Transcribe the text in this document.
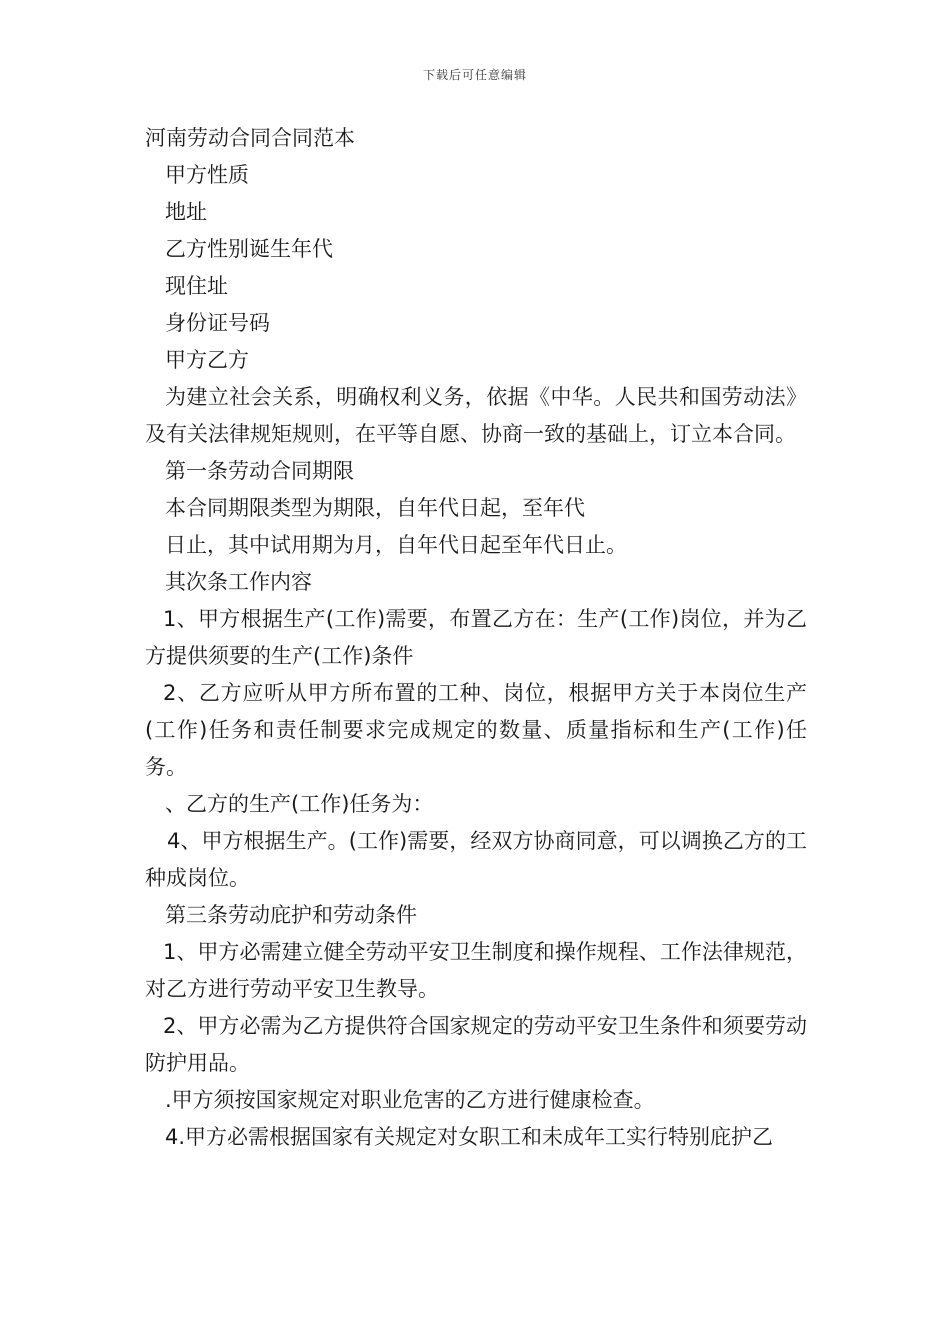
下载后可任意编辑

河南劳动合同合同范本

甲方性质

地址

乙方性别诞生年代

现住址

身份证号码

甲方乙方

为建立社会关系，明确权利义务，依据《中华。人民共和国劳动法》及有关法律规矩规则，在平等自愿、协商一致的基础上，订立本合同。

第一条劳动合同期限

本合同期限类型为期限，自年代日起，至年代

日止，其中试用期为月，自年代日起至年代日止。

其次条工作内容

1、甲方根据生产(工作)需要，布置乙方在：生产(工作)岗位，并为乙方提供须要的生产(工作)条件

2、乙方应听从甲方所布置的工种、岗位，根据甲方关于本岗位生产(工作)任务和责任制要求完成规定的数量、质量指标和生产(工作)任务。

、乙方的生产(工作)任务为：

4、甲方根据生产。(工作)需要，经双方协商同意，可以调换乙方的工种成岗位。

第三条劳动庇护和劳动条件

1、甲方必需建立健全劳动平安卫生制度和操作规程、工作法律规范，对乙方进行劳动平安卫生教导。

2、甲方必需为乙方提供符合国家规定的劳动平安卫生条件和须要劳动防护用品。

.甲方须按国家规定对职业危害的乙方进行健康检查。

4.甲方必需根据国家有关规定对女职工和未成年工实行特别庇护乙
